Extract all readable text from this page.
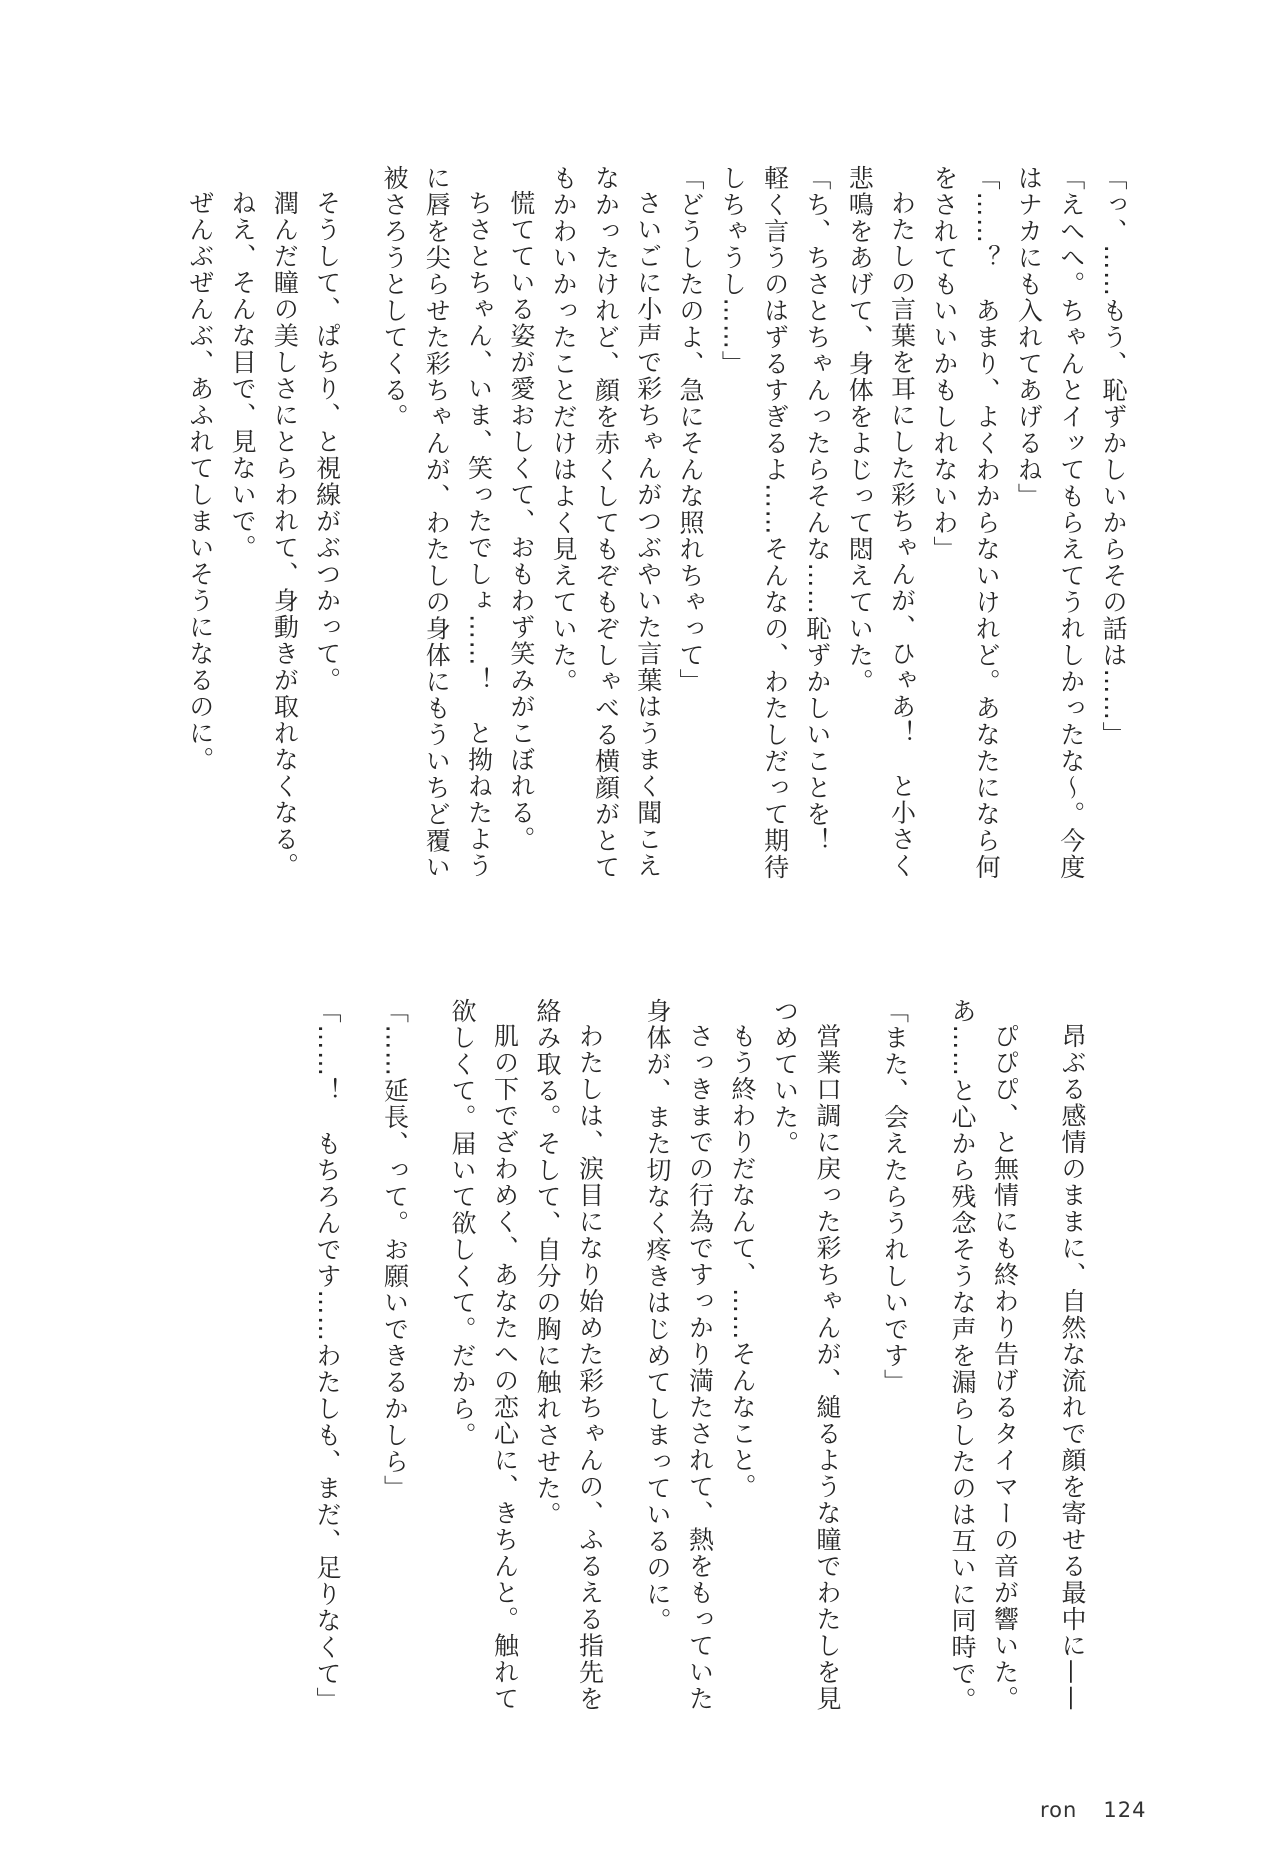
「っ、……もう、恥ずかしいからその話は……」
「えへへ。ちゃんとイッてもらえてうれしかったな〜。今度
はナカにも入れてあげるね」
「……？　あまり、よくわからないけれど。あなたになら何
をされてもいいかもしれないわ」
わたしの言葉を耳にした彩ちゃんが、ひゃあ！　と小さく
悲鳴をあげて、身体をよじって悶えていた。
「ち、ちさとちゃんったらそんな……恥ずかしいことを！
軽く言うのはずるすぎるよ……そんなの、わたしだって期待
しちゃうし……」
「どうしたのよ、急にそんな照れちゃって」
さいごに小声で彩ちゃんがつぶやいた言葉はうまく聞こえ
なかったけれど、顔を赤くしてもぞもぞしゃべる横顔がとて
もかわいかったことだけはよく見えていた。
慌てている姿が愛おしくて、おもわず笑みがこぼれる。
ちさとちゃん、いま、笑ったでしょ……！　と拗ねたよう
に唇を尖らせた彩ちゃんが、わたしの身体にもういちど覆い
被さろうとしてくる。
そうして、ぱちり、と視線がぶつかって。
潤んだ瞳の美しさにとらわれて、身動きが取れなくなる。
ねえ、そんな目で、見ないで。
ぜんぶぜんぶ、あふれてしまいそうになるのに。
昂ぶる感情のままに、自然な流れで顔を寄せる最中に——
ぴぴぴ、と無情にも終わり告げるタイマーの音が響いた。
あ……と心から残念そうな声を漏らしたのは互いに同時で。
「また、会えたらうれしいです」
営業口調に戻った彩ちゃんが、縋るような瞳でわたしを見
つめていた。
もう終わりだなんて、……そんなこと。
さっきまでの行為ですっかり満たされて、熱をもっていた
身体が、また切なく疼きはじめてしまっているのに。
わたしは、涙目になり始めた彩ちゃんの、ふるえる指先を
絡み取る。そして、自分の胸に触れさせた。
肌の下でざわめく、あなたへの恋心に、きちんと。触れて
欲しくて。届いて欲しくて。だから。
「……延長、って。お願いできるかしら」
「……！　もちろんです……わたしも、まだ、足りなくて」
ron 124
